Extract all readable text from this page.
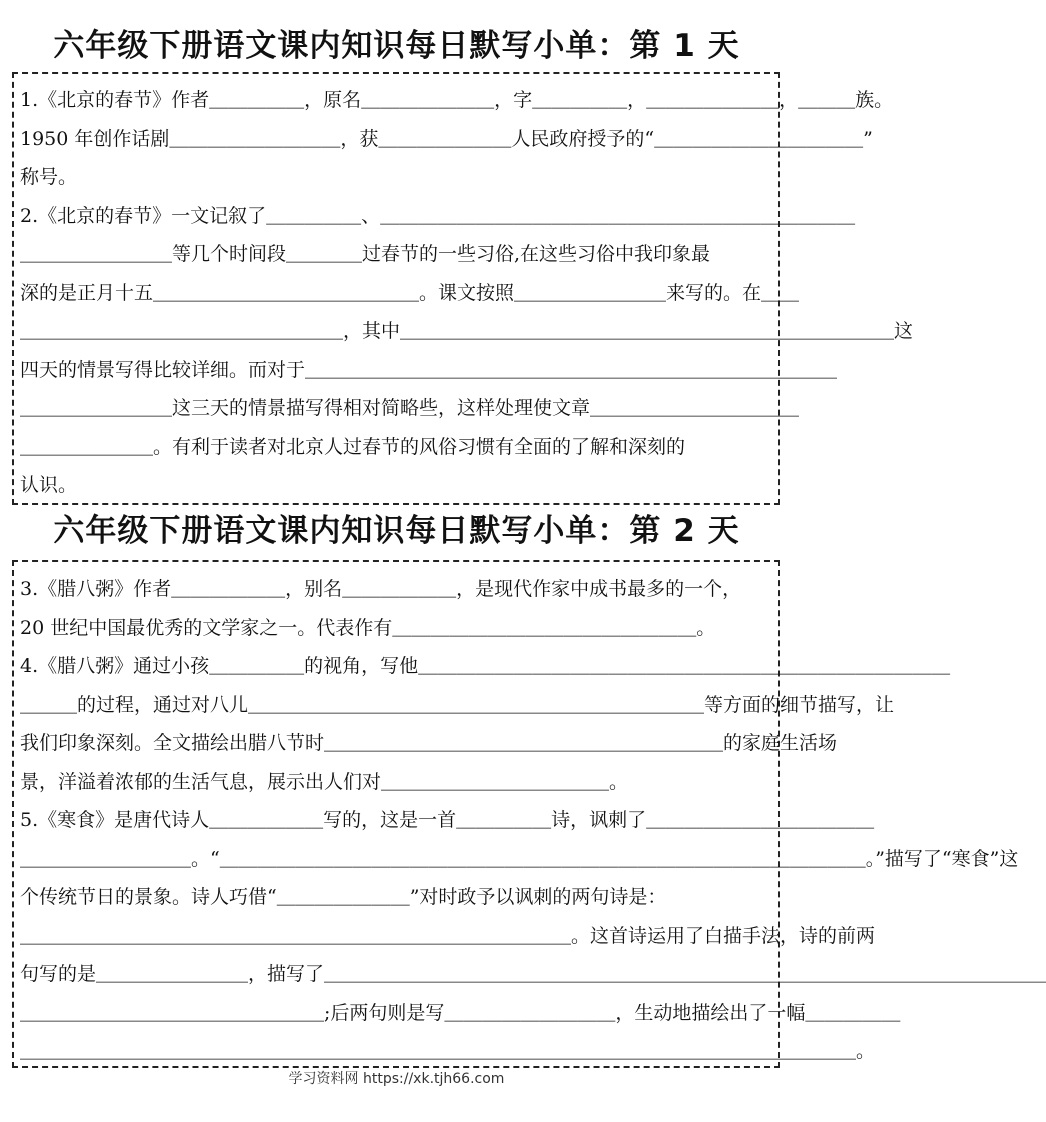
六年级下册语文课内知识每日默写小单：第 1 天
1.《北京的春节》作者＿＿＿＿＿，原名＿＿＿＿＿＿＿，字＿＿＿＿＿，＿＿＿＿＿＿＿，＿＿＿族。
1950 年创作话剧＿＿＿＿＿＿＿＿＿，获＿＿＿＿＿＿＿人民政府授予的“＿＿＿＿＿＿＿＿＿＿＿”
称号。
2.《北京的春节》一文记叙了＿＿＿＿＿、＿＿＿＿＿＿＿＿＿＿＿＿＿＿＿＿＿＿＿＿＿＿＿＿＿
＿＿＿＿＿＿＿＿等几个时间段＿＿＿＿过春节的一些习俗,在这些习俗中我印象最
深的是正月十五＿＿＿＿＿＿＿＿＿＿＿＿＿＿。课文按照＿＿＿＿＿＿＿＿来写的。在＿＿
＿＿＿＿＿＿＿＿＿＿＿＿＿＿＿＿＿，其中＿＿＿＿＿＿＿＿＿＿＿＿＿＿＿＿＿＿＿＿＿＿＿＿＿＿这
四天的情景写得比较详细。而对于＿＿＿＿＿＿＿＿＿＿＿＿＿＿＿＿＿＿＿＿＿＿＿＿＿＿＿＿
＿＿＿＿＿＿＿＿这三天的情景描写得相对简略些，这样处理使文章＿＿＿＿＿＿＿＿＿＿＿
＿＿＿＿＿＿＿。有利于读者对北京人过春节的风俗习惯有全面的了解和深刻的
认识。
六年级下册语文课内知识每日默写小单：第 2 天
3.《腊八粥》作者＿＿＿＿＿＿，别名＿＿＿＿＿＿，是现代作家中成书最多的一个，
20 世纪中国最优秀的文学家之一。代表作有＿＿＿＿＿＿＿＿＿＿＿＿＿＿＿＿。
4.《腊八粥》通过小孩＿＿＿＿＿的视角，写他＿＿＿＿＿＿＿＿＿＿＿＿＿＿＿＿＿＿＿＿＿＿＿＿＿＿＿＿
＿＿＿的过程，通过对八儿＿＿＿＿＿＿＿＿＿＿＿＿＿＿＿＿＿＿＿＿＿＿＿＿等方面的细节描写，让
我们印象深刻。全文描绘出腊八节时＿＿＿＿＿＿＿＿＿＿＿＿＿＿＿＿＿＿＿＿＿的家庭生活场
景，洋溢着浓郁的生活气息，展示出人们对＿＿＿＿＿＿＿＿＿＿＿＿。
5.《寒食》是唐代诗人＿＿＿＿＿＿写的，这是一首＿＿＿＿＿诗，讽刺了＿＿＿＿＿＿＿＿＿＿＿＿
＿＿＿＿＿＿＿＿＿。“＿＿＿＿＿＿＿＿＿＿＿＿＿＿＿＿＿＿＿＿＿＿＿＿＿＿＿＿＿＿＿＿＿＿。”描写了“寒食”这
个传统节日的景象。诗人巧借“＿＿＿＿＿＿＿”对时政予以讽刺的两句诗是：
＿＿＿＿＿＿＿＿＿＿＿＿＿＿＿＿＿＿＿＿＿＿＿＿＿＿＿＿＿。这首诗运用了白描手法，诗的前两
句写的是＿＿＿＿＿＿＿＿，描写了＿＿＿＿＿＿＿＿＿＿＿＿＿＿＿＿＿＿＿＿＿＿＿＿＿＿＿＿＿＿＿＿＿＿＿＿＿＿
＿＿＿＿＿＿＿＿＿＿＿＿＿＿＿＿;后两句则是写＿＿＿＿＿＿＿＿＿，生动地描绘出了一幅＿＿＿＿＿
＿＿＿＿＿＿＿＿＿＿＿＿＿＿＿＿＿＿＿＿＿＿＿＿＿＿＿＿＿＿＿＿＿＿＿＿＿＿＿＿＿＿＿＿。
学习资料网 https://xk.tjh66.com
